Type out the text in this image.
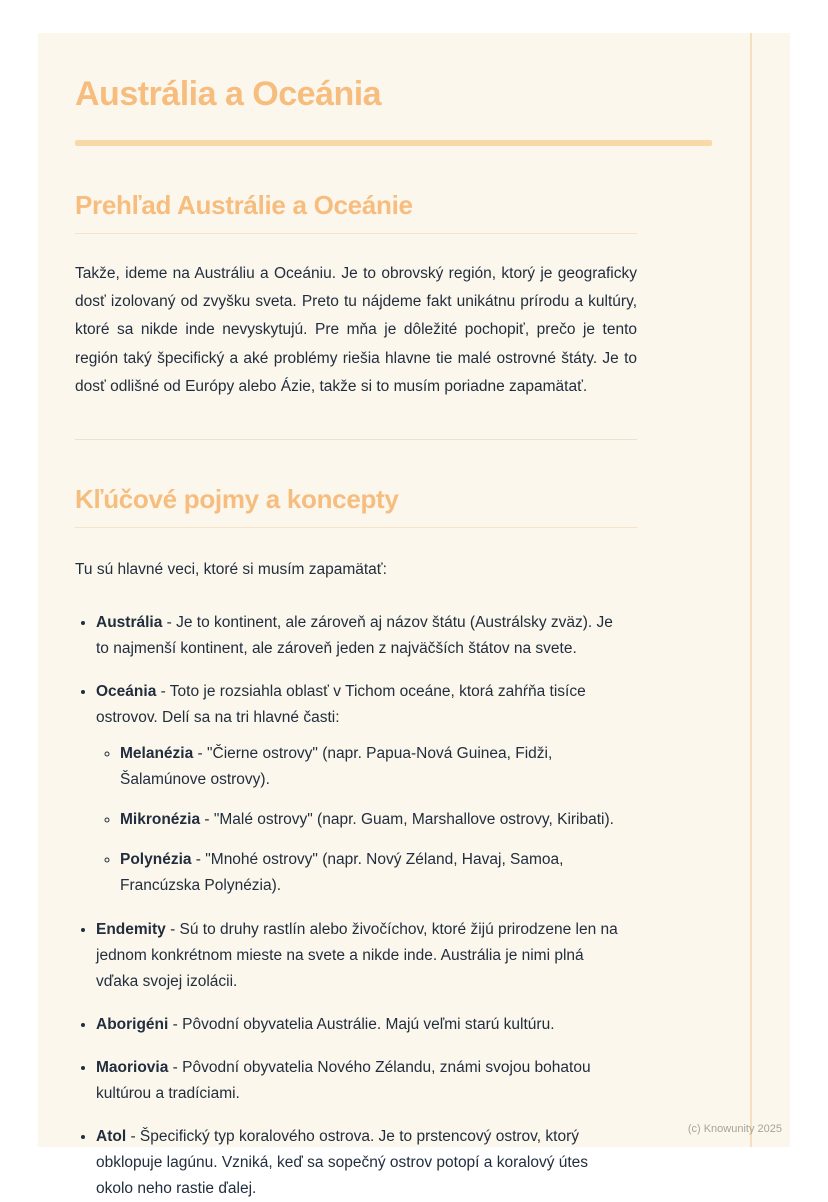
Austrália a Oceánia
Prehľad Austrálie a Oceánie

Takže, ideme na Austráliu a Oceániu. Je to obrovský región, ktorý je geograficky dosť izolovaný od zvyšku sveta. Preto tu nájdeme fakt unikátnu prírodu a kultúry, ktoré sa nikde inde nevyskytujú. Pre mňa je dôležité pochopiť, prečo je tento región taký špecifický a aké problémy riešia hlavne tie malé ostrovné štáty. Je to dosť odlišné od Európy alebo Ázie, takže si to musím poriadne zapamätať.

Kľúčové pojmy a koncepty

Tu sú hlavné veci, ktoré si musím zapamätať:

• Austrália - Je to kontinent, ale zároveň aj názov štátu (Austrálsky zväz). Je to najmenší kontinent, ale zároveň jeden z najväčších štátov na svete.
• Oceánia - Toto je rozsiahla oblasť v Tichom oceáne, ktorá zahŕňa tisíce ostrovov. Delí sa na tri hlavné časti:
◦ Melanézia - "Čierne ostrovy" (napr. Papua-Nová Guinea, Fidži, Šalamúnove ostrovy).
◦ Mikronézia - "Malé ostrovy" (napr. Guam, Marshallove ostrovy, Kiribati).
◦ Polynézia - "Mnohé ostrovy" (napr. Nový Zéland, Havaj, Samoa, Francúzska Polynézia).
• Endemity - Sú to druhy rastlín alebo živočíchov, ktoré žijú prirodzene len na jednom konkrétnom mieste na svete a nikde inde. Austrália je nimi plná vďaka svojej izolácii.
• Aborigéni - Pôvodní obyvatelia Austrálie. Majú veľmi starú kultúru.
• Maoriovia - Pôvodní obyvatelia Nového Zélandu, známi svojou bohatou kultúrou a tradíciami.
• Atol - Špecifický typ koralového ostrova. Je to prstencový ostrov, ktorý obklopuje lagúnu. Vzniká, keď sa sopečný ostrov potopí a koralový útes okolo neho rastie ďalej.
(c) Knowunity 2025
